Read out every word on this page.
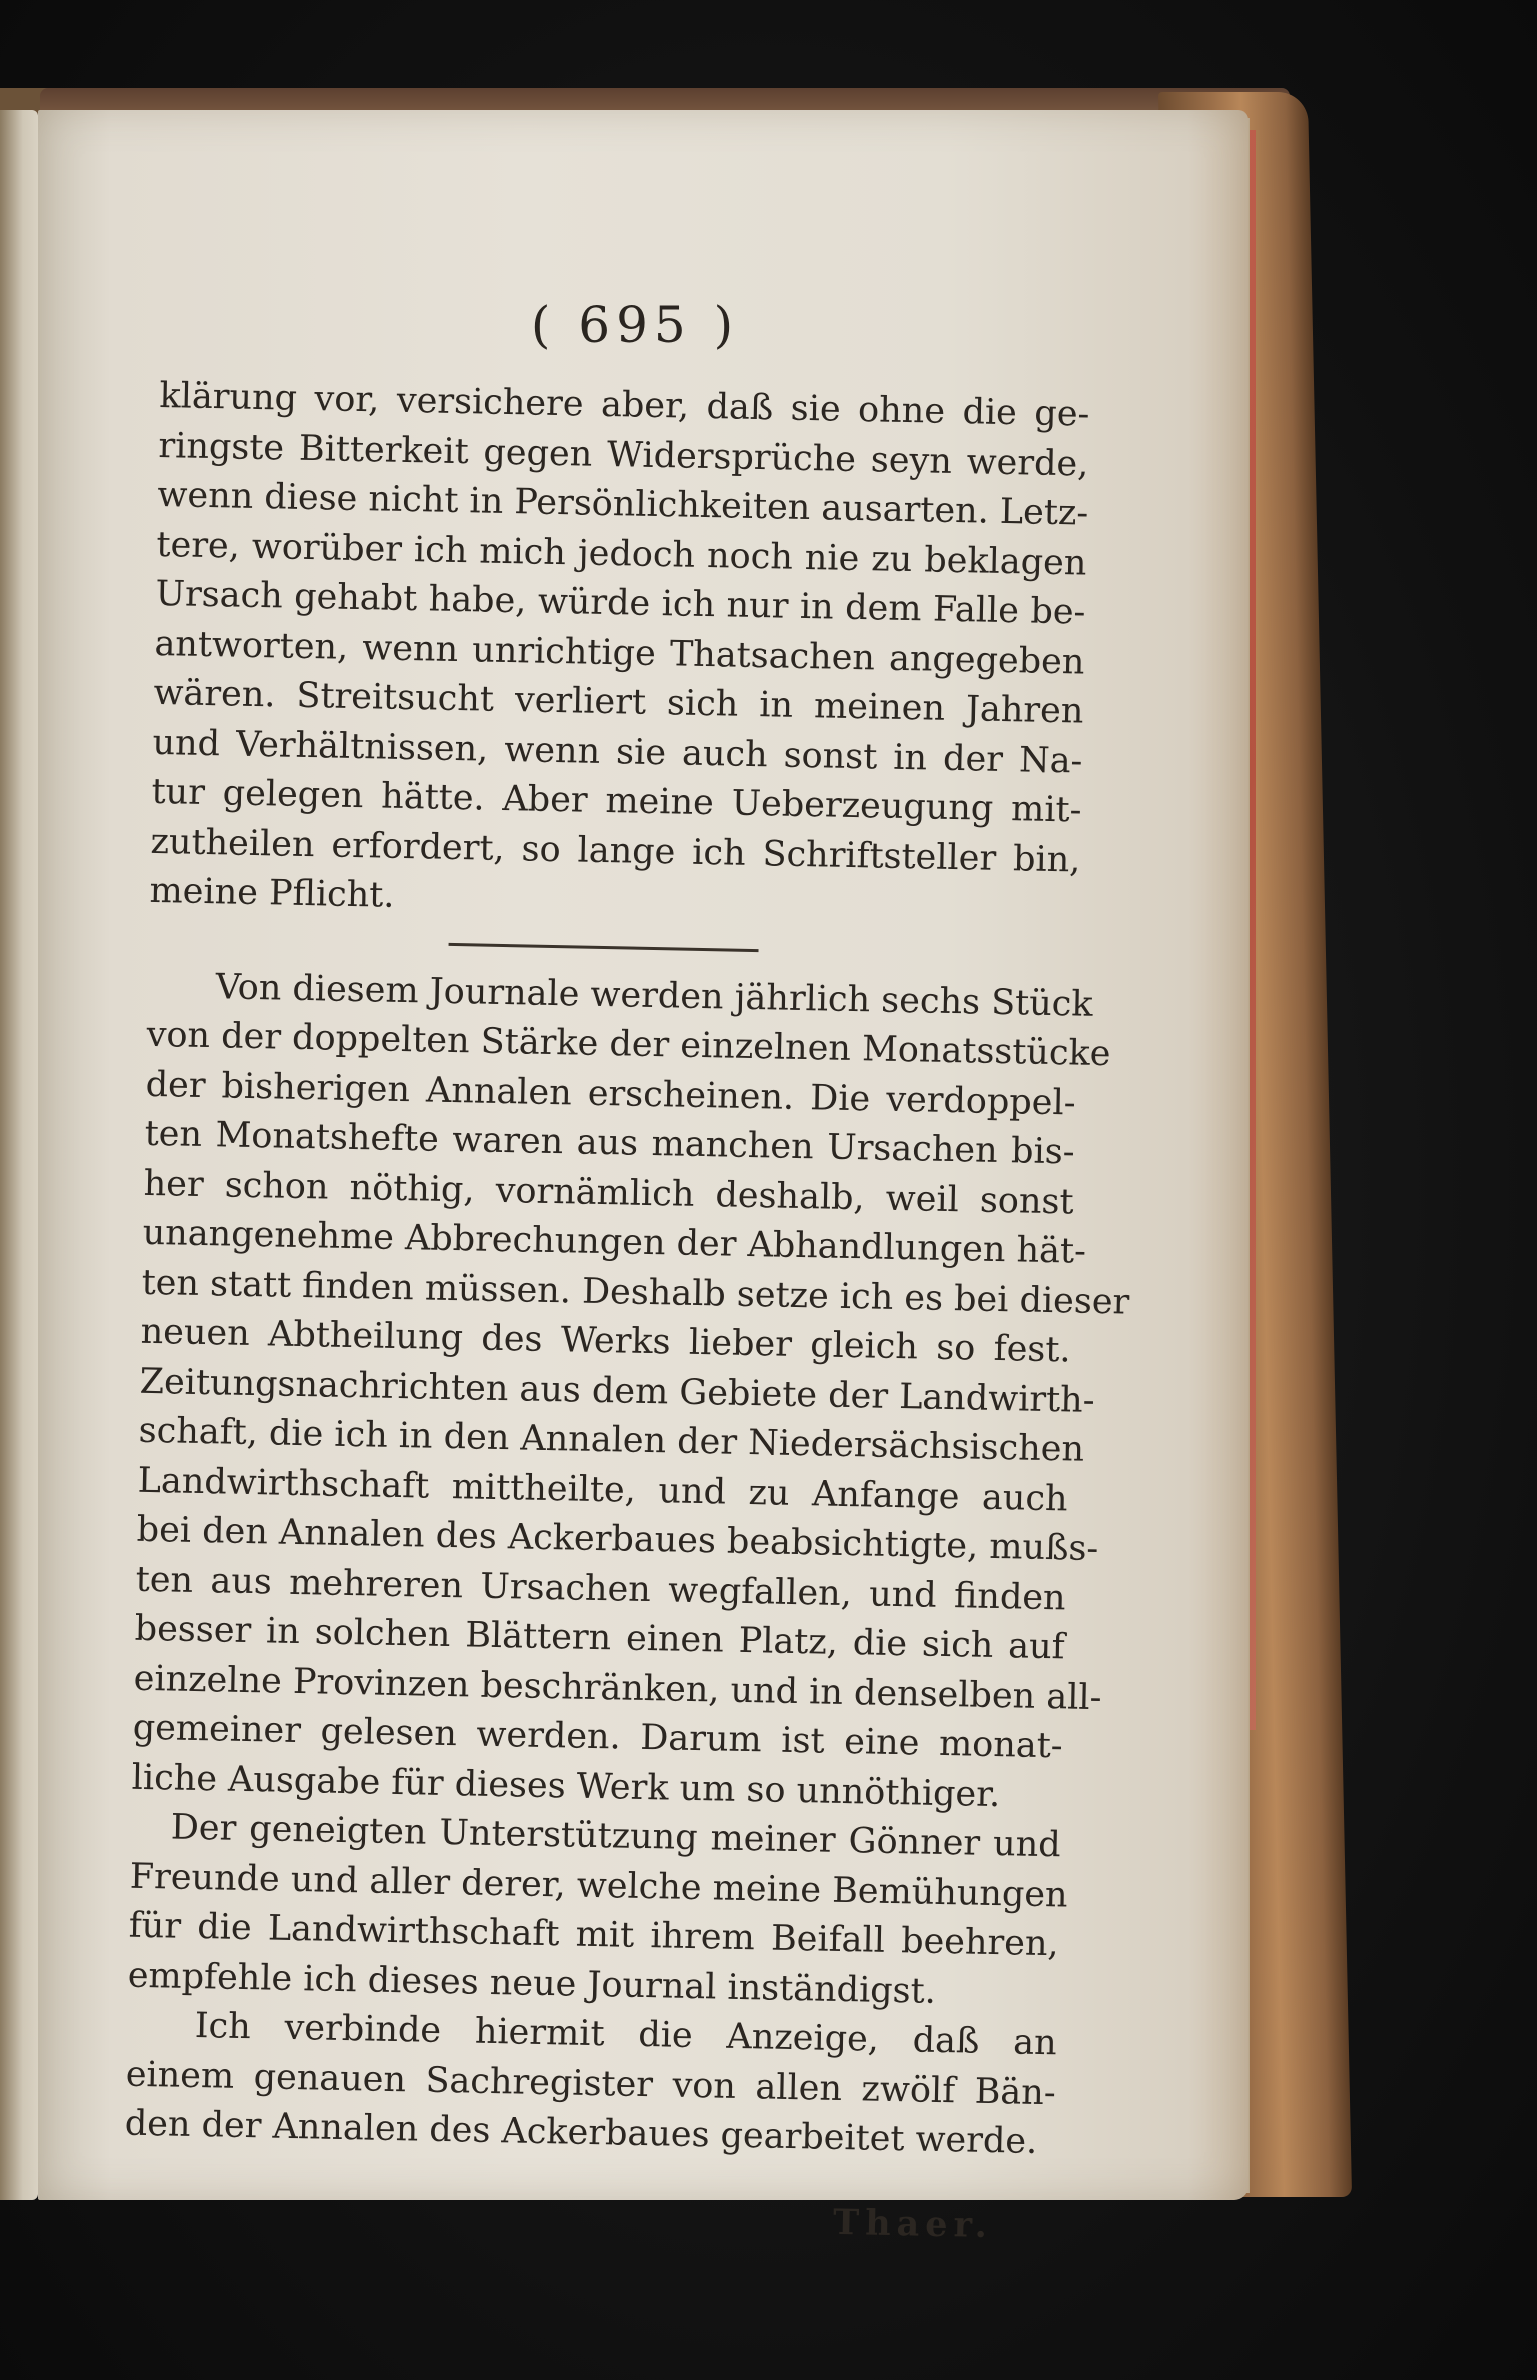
( 695 )
klärung vor, versichere aber, daß sie ohne die ge-
ringste Bitterkeit gegen Widersprüche seyn werde,
wenn diese nicht in Persönlichkeiten ausarten. Letz-
tere, worüber ich mich jedoch noch nie zu beklagen
Ursach gehabt habe, würde ich nur in dem Falle be-
antworten, wenn unrichtige Thatsachen angegeben
wären. Streitsucht verliert sich in meinen Jahren
und Verhältnissen, wenn sie auch sonst in der Na-
tur gelegen hätte. Aber meine Ueberzeugung mit-
zutheilen erfordert, so lange ich Schriftsteller bin,
meine Pflicht.
Von diesem Journale werden jährlich sechs Stück
von der doppelten Stärke der einzelnen Monatsstücke
der bisherigen Annalen erscheinen. Die verdoppel-
ten Monatshefte waren aus manchen Ursachen bis-
her schon nöthig, vornämlich deshalb, weil sonst
unangenehme Abbrechungen der Abhandlungen hät-
ten statt finden müssen. Deshalb setze ich es bei dieser
neuen Abtheilung des Werks lieber gleich so fest.
Zeitungsnachrichten aus dem Gebiete der Landwirth-
schaft, die ich in den Annalen der Niedersächsischen
Landwirthschaft mittheilte, und zu Anfange auch
bei den Annalen des Ackerbaues beabsichtigte, mußs-
ten aus mehreren Ursachen wegfallen, und finden
besser in solchen Blättern einen Platz, die sich auf
einzelne Provinzen beschränken, und in denselben all-
gemeiner gelesen werden. Darum ist eine monat-
liche Ausgabe für dieses Werk um so unnöthiger.
Der geneigten Unterstützung meiner Gönner und
Freunde und aller derer, welche meine Bemühungen
für die Landwirthschaft mit ihrem Beifall beehren,
empfehle ich dieses neue Journal inständigst.
Ich verbinde hiermit die Anzeige, daß an
einem genauen Sachregister von allen zwölf Bän-
den der Annalen des Ackerbaues gearbeitet werde.
Thaer.
